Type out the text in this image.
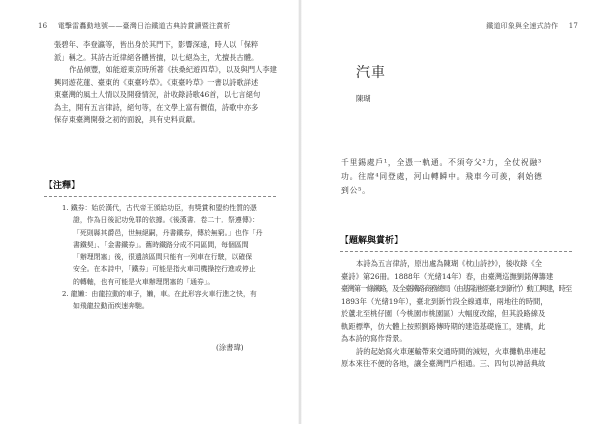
16 電擊雷轟動地號——臺灣日治鐵道古典詩賞讀暨注賞析
張碧年、李登瀛等，皆出身於其門下，影響深遠，時人以「保粹
派」稱之。其詩古近律絕各體皆擅，以七絕為主，尤擅長古體。
作品傾豐，如能遊東京時所著《扶桑紀遊四草》，以及與門人李建
興同遊花蓮、臺東的《東臺吟草》。《東臺吟草》一書以詩歌詳述
東臺灣的風土人情以及開發情況，計收錄詩歌46首，以七言絕句
為主，開有五言律詩，絕句等，在文學上富有價值，詩歌中亦多
保存東臺灣開發之初的面貌，具有史料貢獻。
【注釋】
1. 鐵券：始於漢代，古代帝王頒給功臣，有獎賞和盟約性質的憑
證，作為日後記功免罪的依據。《後漢書．卷二十．祭遵傳》：
「死則縣其爵邑，世無絕嗣，丹書鐵券，傳於無窮。」也作「丹
書鐵契」、「金書鐵券」。舊時鐵路分成不同區間，每個區間
「辦理閉塞」後，很遺該區間只能有一列車在行駛，以確保
安全。在本詩中，「鐵券」可能是指火車司機操控行進或停止
的轉軸，也有可能是火車辦理閉塞的「通券」。
2. 龍嬾：由龍拉動的車子，嬾，車。在此形容火車行進之快，有
如飛龍拉動而疾速奔馳。
(涂書瑋)
鐵道印象與全速式詩作 17
汽車
陳瑚
千里錫處戶¹，全憑一軌通。不須夸父²力，全仗祝融³
功。往席⁴同登處，河山轉瞬中。飛車今可羨，剎始德
到公⁵。
【題解與賞析】
本詩為五言律詩，原出處為陳瑚《枕山詩抄》，後收錄《全
臺詩》第26冊。1888年（光緒14年）春，由臺灣巡撫劉銘傳籌建
臺灣第一條鐵路，及全臺鐵路商務總局（由基隆港經臺北到新竹）動工興建，時至
1893年（光緒19年），臺北到新竹段全線通車，兩地往的時間，
於蘆北至桃仔園（今桃園市桃園區）大幅度改縮，但其設路線及
軌距標準，仿大體上按照劉路傳時期的建造基礎施工，建構，此
為本詩的寫作背景。
詩的起始寫火車運輸帶來交通時間的減短，火車攤軌串連起
原本來往不便的各地，讓全臺灣門戶相通。三、四句以神話典故
